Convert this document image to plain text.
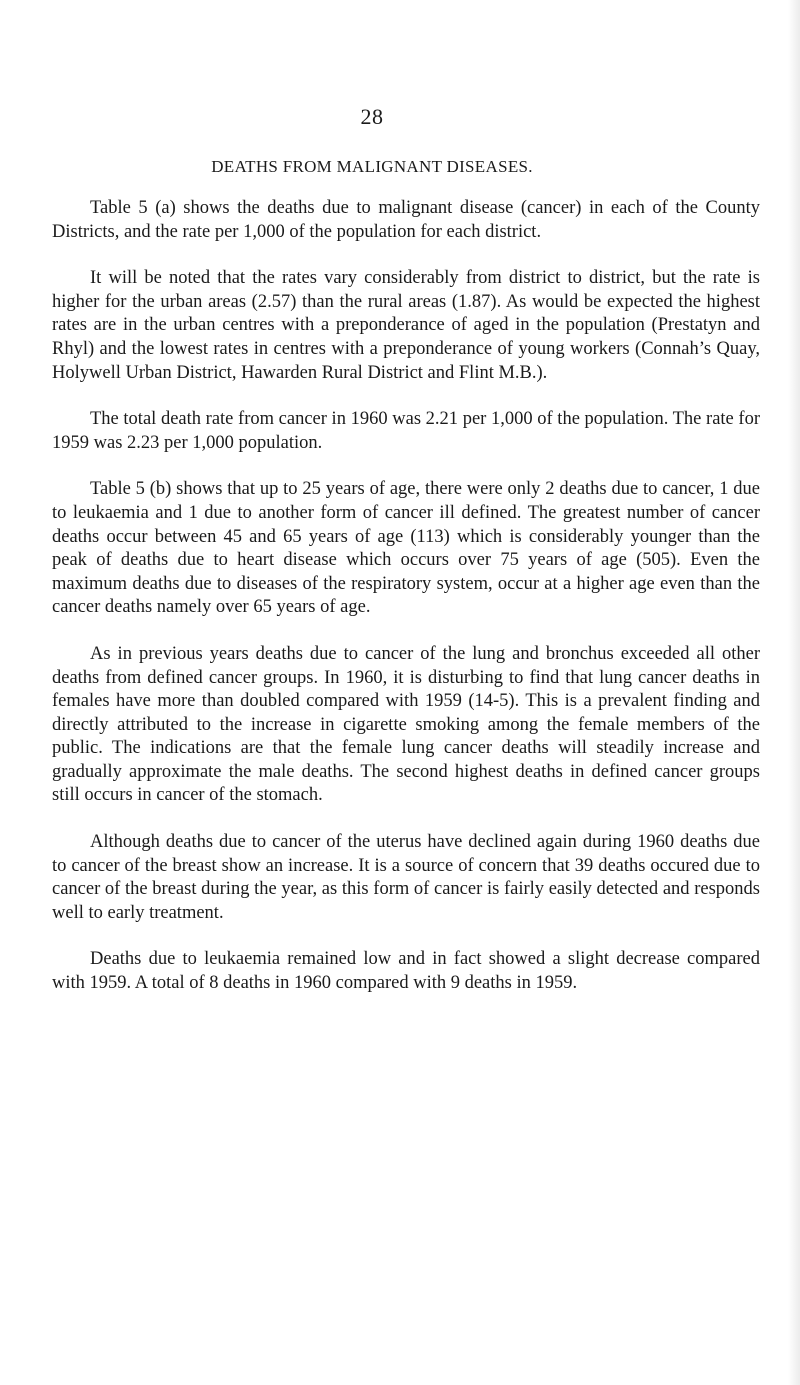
28
DEATHS FROM MALIGNANT DISEASES.

Table 5 (a) shows the deaths due to malignant disease (cancer) in each of the County Districts, and the rate per 1,000 of the population for each district.

It will be noted that the rates vary considerably from district to district, but the rate is higher for the urban areas (2.57) than the rural areas (1.87). As would be expected the highest rates are in the urban centres with a preponderance of aged in the population (Prestatyn and Rhyl) and the lowest rates in centres with a preponderance of young workers (Connah’s Quay, Holywell Urban District, Hawarden Rural District and Flint M.B.).

The total death rate from cancer in 1960 was 2.21 per 1,000 of the population. The rate for 1959 was 2.23 per 1,000 population.

Table 5 (b) shows that up to 25 years of age, there were only 2 deaths due to cancer, 1 due to leukaemia and 1 due to another form of cancer ill defined. The greatest number of cancer deaths occur between 45 and 65 years of age (113) which is considerably younger than the peak of deaths due to heart disease which occurs over 75 years of age (505). Even the maximum deaths due to diseases of the respiratory system, occur at a higher age even than the cancer deaths namely over 65 years of age.

As in previous years deaths due to cancer of the lung and bronchus exceeded all other deaths from defined cancer groups. In 1960, it is disturbing to find that lung cancer deaths in females have more than doubled compared with 1959 (14-5). This is a prevalent finding and directly attributed to the increase in cigarette smoking among the female members of the public. The indications are that the female lung cancer deaths will steadily increase and gradually approximate the male deaths. The second highest deaths in defined cancer groups still occurs in cancer of the stomach.

Although deaths due to cancer of the uterus have declined again during 1960 deaths due to cancer of the breast show an increase. It is a source of concern that 39 deaths occured due to cancer of the breast during the year, as this form of cancer is fairly easily detected and responds well to early treatment.

Deaths due to leukaemia remained low and in fact showed a slight decrease compared with 1959. A total of 8 deaths in 1960 compared with 9 deaths in 1959.
